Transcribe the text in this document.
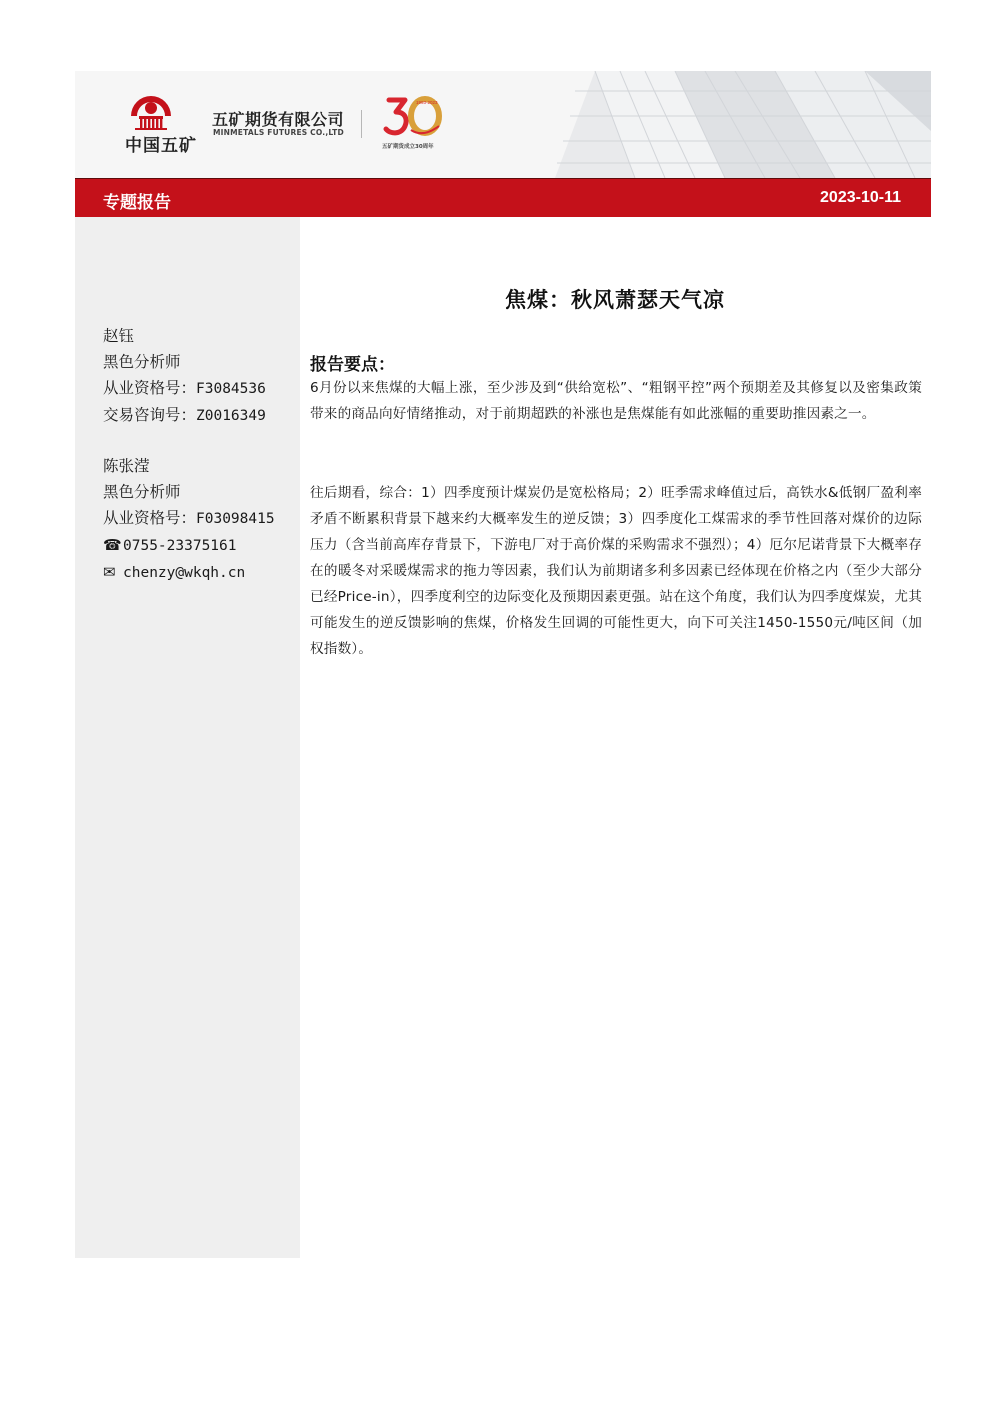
中国五矿
五矿期货有限公司
MINMETALS FUTURES CO.,LTD
1993-2023
五矿期货成立30周年
专题报告	2023-10-11
赵钰
黑色分析师
从业资格号：F3084536
交易咨询号：Z0016349
陈张滢
黑色分析师
从业资格号：F03098415
☎0755-23375161
✉ chenzy@wkqh.cn
焦煤：秋风萧瑟天气凉
报告要点：
6月份以来焦煤的大幅上涨，至少涉及到“供给宽松”、“粗钢平控”两个预期差及其修复以及密集政策带来的商品向好情绪推动，对于前期超跌的补涨也是焦煤能有如此涨幅的重要助推因素之一。
往后期看，综合：1）四季度预计煤炭仍是宽松格局；2）旺季需求峰值过后，高铁水&低钢厂盈利率矛盾不断累积背景下越来约大概率发生的逆反馈；3）四季度化工煤需求的季节性回落对煤价的边际压力（含当前高库存背景下，下游电厂对于高价煤的采购需求不强烈）；4）厄尔尼诺背景下大概率存在的暖冬对采暖煤需求的拖力等因素，我们认为前期诸多利多因素已经体现在价格之内（至少大部分已经Price-in），四季度利空的边际变化及预期因素更强。站在这个角度，我们认为四季度煤炭，尤其可能发生的逆反馈影响的焦煤，价格发生回调的可能性更大，向下可关注1450-1550元/吨区间（加权指数）。
